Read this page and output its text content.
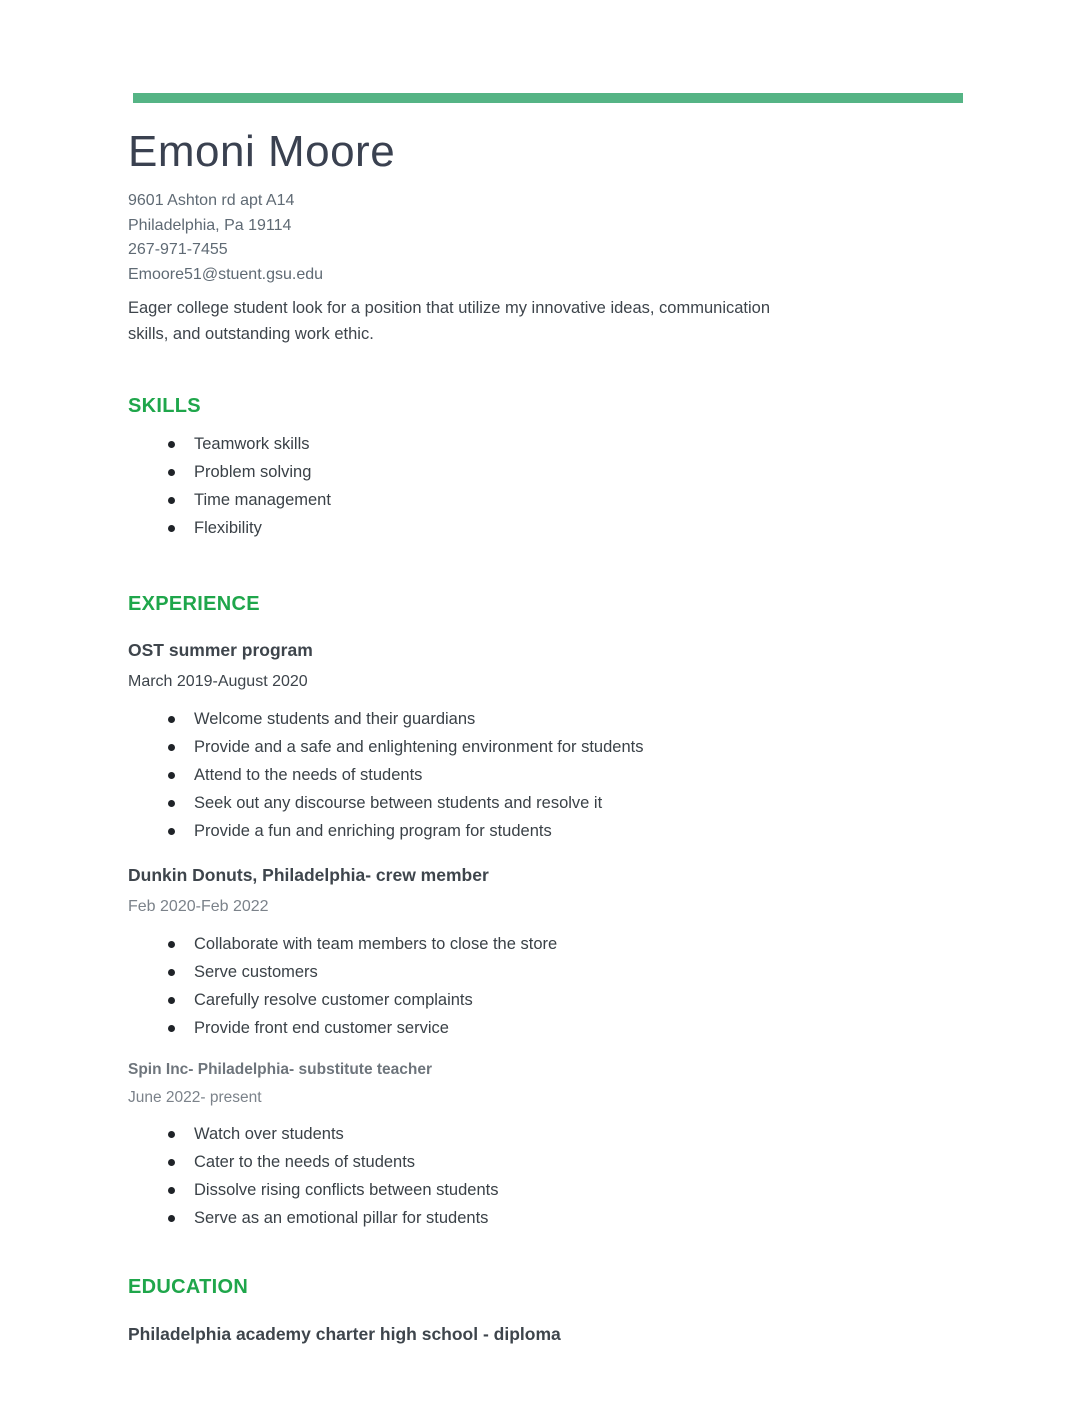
Emoni Moore
9601 Ashton rd apt A14
Philadelphia, Pa 19114
267-971-7455
Emoore51@stuent.gsu.edu

Eager college student look for a position that utilize my innovative ideas, communication skills, and outstanding work ethic.

SKILLS
Teamwork skills
Problem solving
Time management
Flexibility
EXPERIENCE
OST summer program
March 2019-August 2020
Welcome students and their guardians
Provide and a safe and enlightening environment for students
Attend to the needs of students
Seek out any discourse between students and resolve it
Provide a fun and enriching program for students
Dunkin Donuts, Philadelphia- crew member
Feb 2020-Feb 2022
Collaborate with team members to close the store
Serve customers
Carefully resolve customer complaints
Provide front end customer service
Spin Inc- Philadelphia- substitute teacher
June 2022- present
Watch over students
Cater to the needs of students
Dissolve rising conflicts between students
Serve as an emotional pillar for students
EDUCATION
Philadelphia academy charter high school - diploma
